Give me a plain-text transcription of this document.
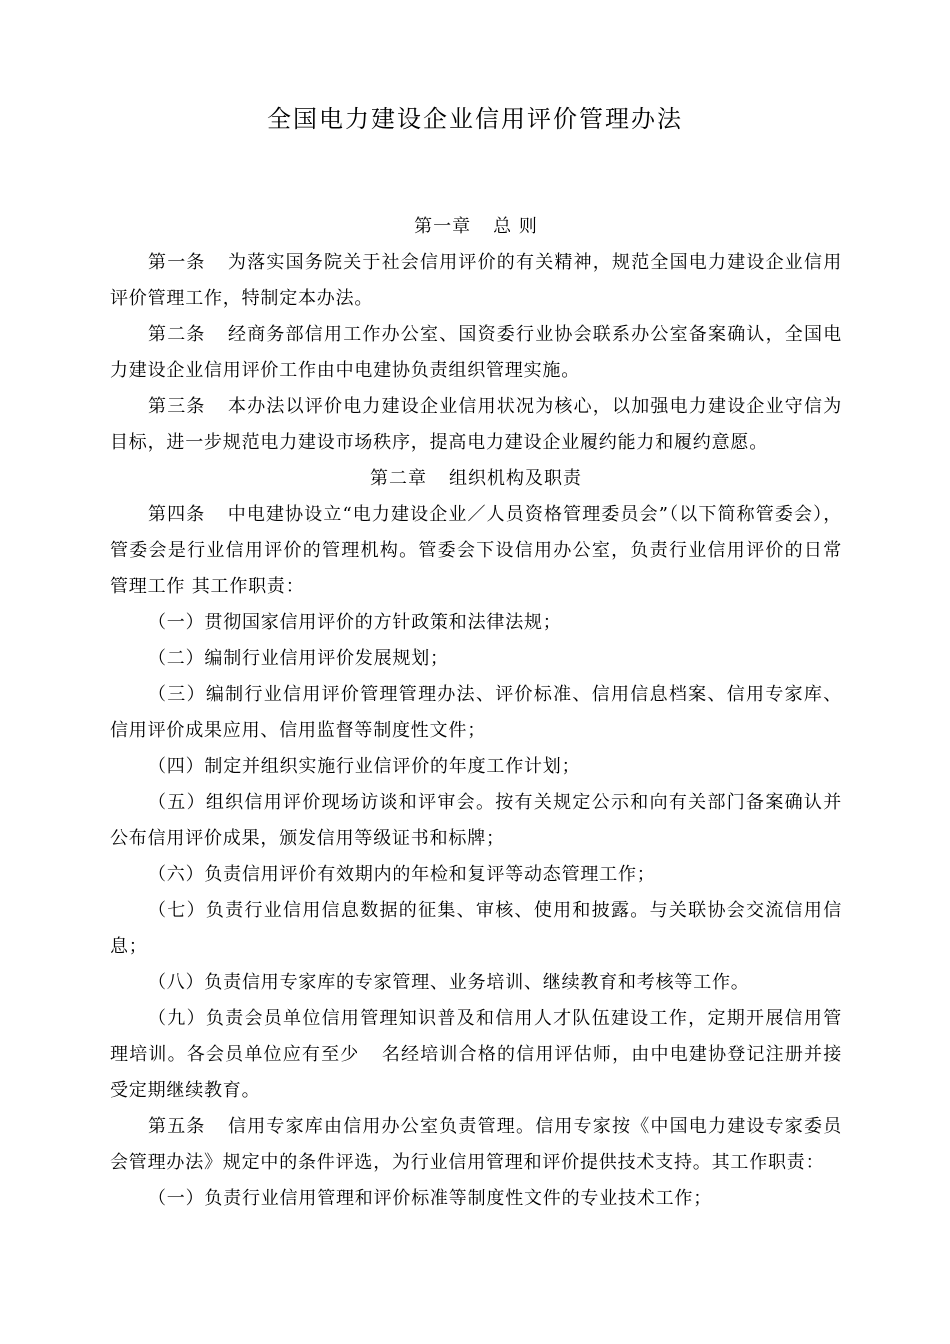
全国电力建设企业信用评价管理办法

第一章 总 则

第一条 为落实国务院关于社会信用评价的有关精神，规范全国电力建设企业信用评价管理工作，特制定本办法。

第二条 经商务部信用工作办公室、国资委行业协会联系办公室备案确认，全国电力建设企业信用评价工作由中电建协负责组织管理实施。

第三条 本办法以评价电力建设企业信用状况为核心，以加强电力建设企业守信为目标，进一步规范电力建设市场秩序，提高电力建设企业履约能力和履约意愿。

第二章 组织机构及职责

第四条 中电建协设立“电力建设企业／人员资格管理委员会”（以下简称管委会），管委会是行业信用评价的管理机构。管委会下设信用办公室，负责行业信用评价的日常管理工作 其工作职责：

（一）贯彻国家信用评价的方针政策和法律法规；

（二）编制行业信用评价发展规划；

（三）编制行业信用评价管理管理办法、评价标准、信用信息档案、信用专家库、信用评价成果应用、信用监督等制度性文件；

（四）制定并组织实施行业信评价的年度工作计划；

（五）组织信用评价现场访谈和评审会。按有关规定公示和向有关部门备案确认并公布信用评价成果，颁发信用等级证书和标牌；

（六）负责信用评价有效期内的年检和复评等动态管理工作；

（七）负责行业信用信息数据的征集、审核、使用和披露。与关联协会交流信用信息；

（八）负责信用专家库的专家管理、业务培训、继续教育和考核等工作。

（九）负责会员单位信用管理知识普及和信用人才队伍建设工作，定期开展信用管理培训。各会员单位应有至少 名经培训合格的信用评估师，由中电建协登记注册并接受定期继续教育。

第五条 信用专家库由信用办公室负责管理。信用专家按《中国电力建设专家委员会管理办法》规定中的条件评选，为行业信用管理和评价提供技术支持。其工作职责：

（一）负责行业信用管理和评价标准等制度性文件的专业技术工作；
